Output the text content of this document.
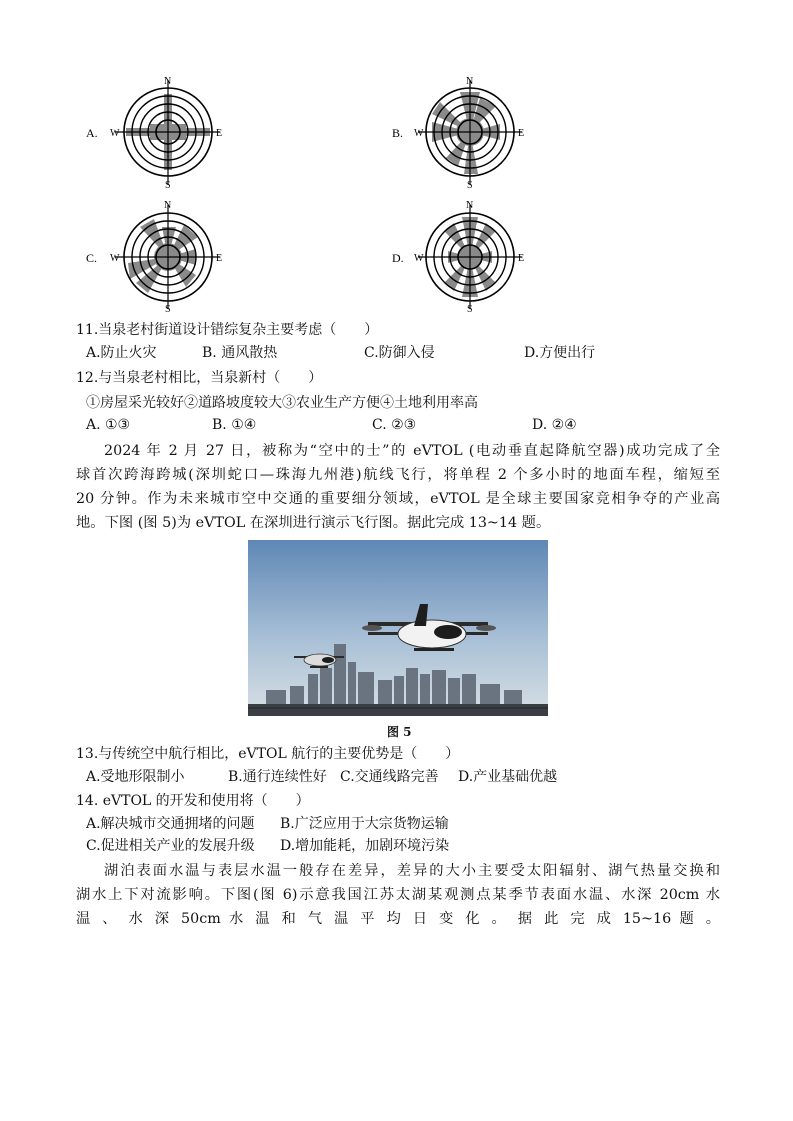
A.
N
S
W	E	B.
N
S
W	E
C.
N
S
W	E	D.
N
S
W	E
11.当泉老村街道设计错综复杂主要考虑（　　）
A.防止火灾	B. 通风散热	C.防御入侵	D.方便出行
12.与当泉老村相比，当泉新村（　　）
①房屋采光较好②道路坡度较大③农业生产方便④土地利用率高
A. ①③	B. ①④	C. ②③	D. ②④
2024 年 2 月 27 日，被称为“空中的士”的 eVTOL (电动垂直起降航空器)成功完成了全
球首次跨海跨城(深圳蛇口—珠海九州港)航线飞行，将单程 2 个多小时的地面车程，缩短至
20 分钟。作为未来城市空中交通的重要细分领域，eVTOL 是全球主要国家竞相争夺的产业高
地。下图 (图 5)为 eVTOL 在深圳进行演示飞行图。据此完成 13~14 题。
图 5
13.与传统空中航行相比，eVTOL 航行的主要优势是（　　）
A.受地形限制小	B.通行连续性好 C.交通线路完善 D.产业基础优越
14. eVTOL 的开发和使用将（　　）
A.解决城市交通拥堵的问题 B.广泛应用于大宗货物运输
C.促进相关产业的发展升级 D.增加能耗，加剧环境污染
湖泊表面水温与表层水温一般存在差异，差异的大小主要受太阳辐射、湖气热量交换和
湖水上下对流影响。下图(图 6)示意我国江苏太湖某观测点某季节表面水温、水深 20cm 水
温 、 水 深 50cm 水 温 和 气 温 平 均 日 变 化 。 据 此 完 成 15~16 题 。
